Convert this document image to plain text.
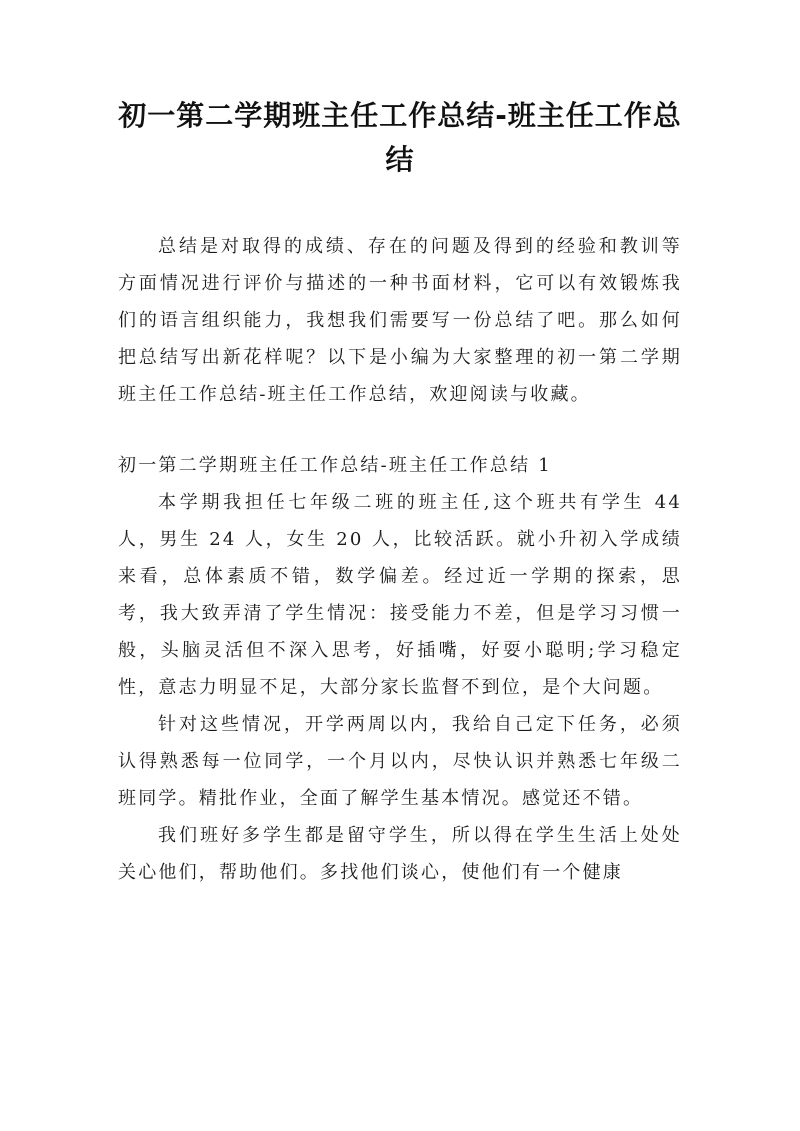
初一第二学期班主任工作总结-班主任工作总结

总结是对取得的成绩、存在的问题及得到的经验和教训等方面情况进行评价与描述的一种书面材料，它可以有效锻炼我们的语言组织能力，我想我们需要写一份总结了吧。那么如何把总结写出新花样呢？以下是小编为大家整理的初一第二学期班主任工作总结-班主任工作总结，欢迎阅读与收藏。

初一第二学期班主任工作总结-班主任工作总结 1

本学期我担任七年级二班的班主任,这个班共有学生 44 人，男生 24 人，女生 20 人，比较活跃。就小升初入学成绩来看，总体素质不错，数学偏差。经过近一学期的探索，思考，我大致弄清了学生情况：接受能力不差，但是学习习惯一般，头脑灵活但不深入思考，好插嘴，好耍小聪明;学习稳定性，意志力明显不足，大部分家长监督不到位，是个大问题。

针对这些情况，开学两周以内，我给自己定下任务，必须认得熟悉每一位同学，一个月以内，尽快认识并熟悉七年级二班同学。精批作业，全面了解学生基本情况。感觉还不错。

我们班好多学生都是留守学生，所以得在学生生活上处处关心他们，帮助他们。多找他们谈心，使他们有一个健康
